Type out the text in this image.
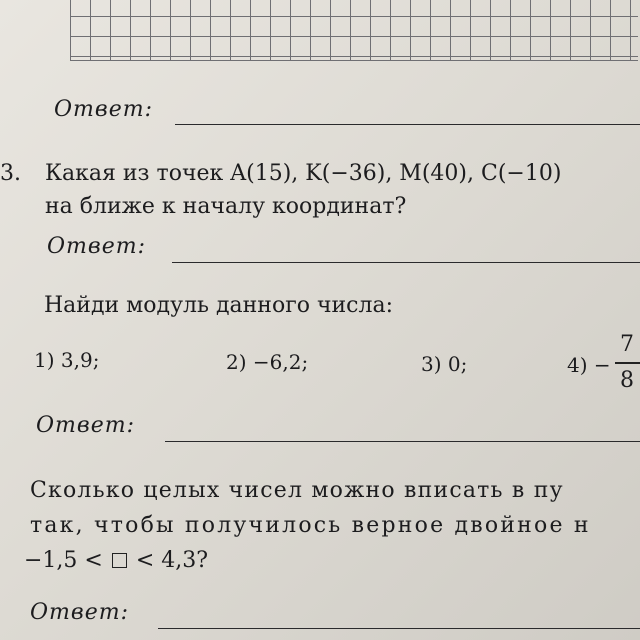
Ответ:
3. Какая из точек A(15), K(−36), M(40), C(−10)
на ближе к началу координат?
Ответ:
Найди модуль данного числа:
1) 3,9;	2) −6,2;	3) 0;	4) −
7
8
Ответ:
Сколько целых чисел можно вписать в пу
так, чтобы получилось верное двойное н
−1,5 < < 4,3?
Ответ:
